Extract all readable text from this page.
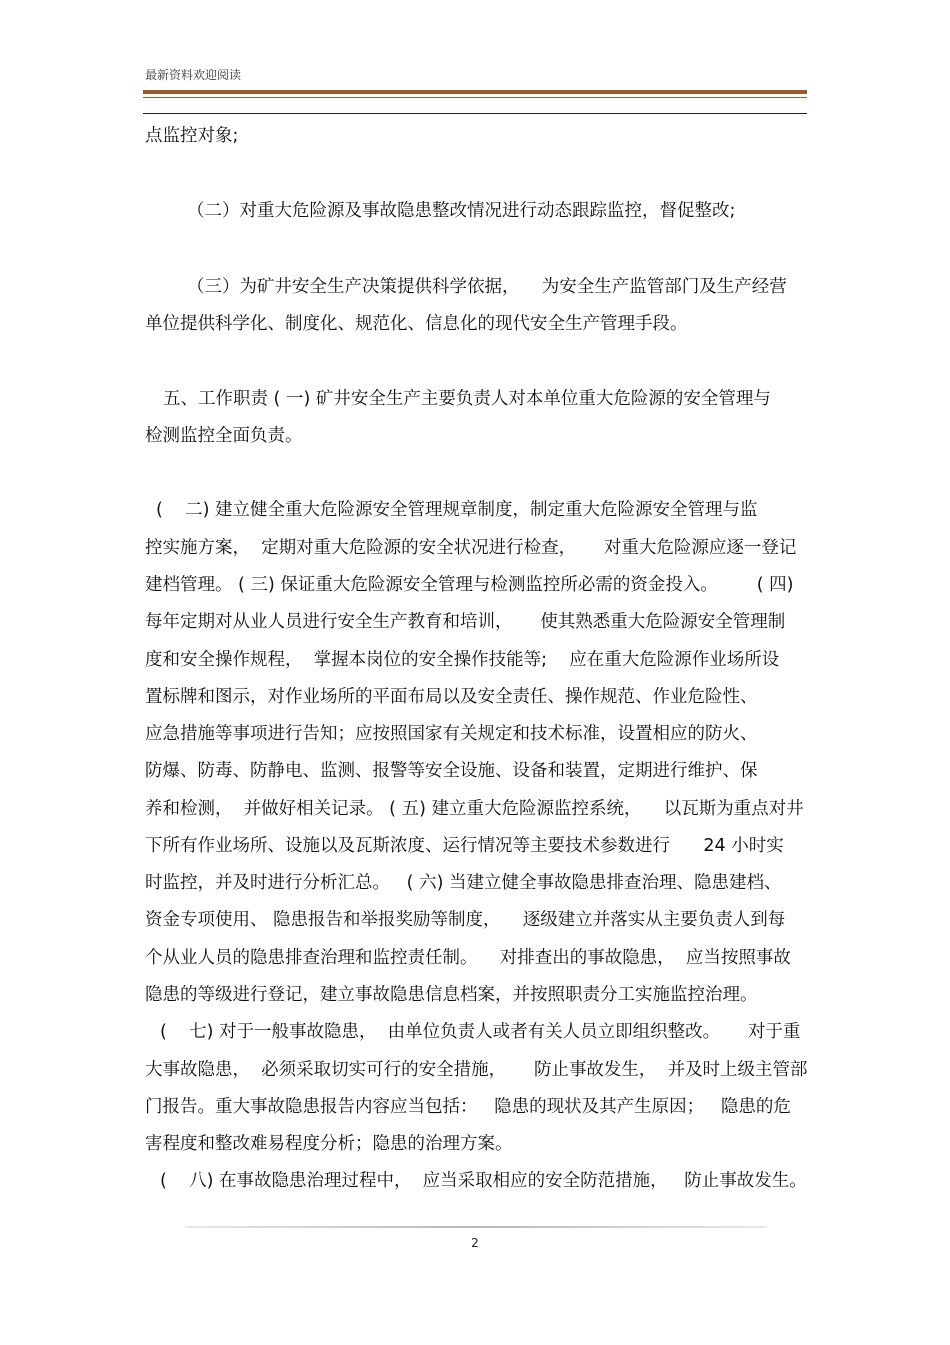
最新资料欢迎阅读
点监控对象;
（二）对重大危险源及事故隐患整改情况进行动态跟踪监控，督促整改;
（三）为矿井安全生产决策提供科学依据，    为安全生产监管部门及生产经营
单位提供科学化、制度化、规范化、信息化的现代安全生产管理手段。
五、工作职责 ( 一) 矿井安全生产主要负责人对本单位重大危险源的安全管理与
检测监控全面负责。
(    二) 建立健全重大危险源安全管理规章制度，制定重大危险源安全管理与监
控实施方案，  定期对重大危险源的安全状况进行检查，     对重大危险源应逐一登记
建档管理。 ( 三) 保证重大危险源安全管理与检测监控所必需的资金投入。       ( 四)
每年定期对从业人员进行安全生产教育和培训，     使其熟悉重大危险源安全管理制
度和安全操作规程，  掌握本岗位的安全操作技能等;    应在重大危险源作业场所设
置标牌和图示，对作业场所的平面布局以及安全责任、操作规范、作业危险性、
应急措施等事项进行告知；应按照国家有关规定和技术标准，设置相应的防火、
防爆、防毒、防静电、监测、报警等安全设施、设备和装置，定期进行维护、保
养和检测，  并做好相关记录。 ( 五) 建立重大危险源监控系统，    以瓦斯为重点对井
下所有作业场所、设施以及瓦斯浓度、运行情况等主要技术参数进行      24 小时实
时监控，并及时进行分析汇总。   ( 六) 当建立健全事故隐患排查治理、隐患建档、
资金专项使用、 隐患报告和举报奖励等制度，    逐级建立并落实从主要负责人到每
个从业人员的隐患排查治理和监控责任制。    对排查出的事故隐患，  应当按照事故
隐患的等级进行登记，建立事故隐患信息档案，并按照职责分工实施监控治理。
(    七) 对于一般事故隐患，  由单位负责人或者有关人员立即组织整改。     对于重
大事故隐患，  必须采取切实可行的安全措施，     防止事故发生，  并及时上级主管部
门报告。重大事故隐患报告内容应当包括：   隐患的现状及其产生原因；   隐患的危
害程度和整改难易程度分析；隐患的治理方案。
(    八) 在事故隐患治理过程中，  应当采取相应的安全防范措施，   防止事故发生。
2
